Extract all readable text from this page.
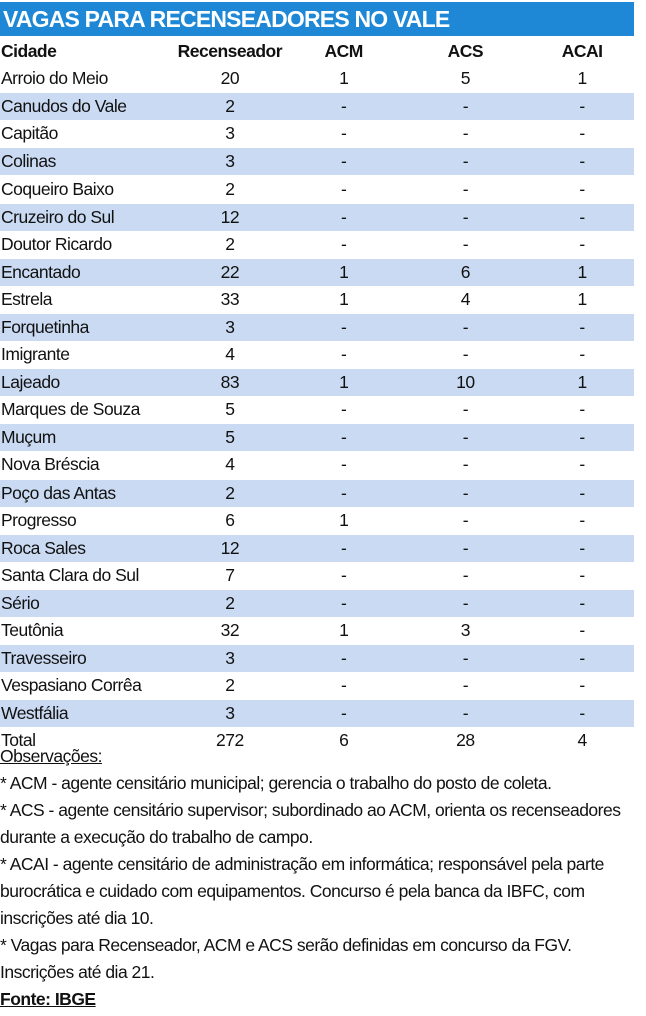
VAGAS PARA RECENSEADORES NO VALE
Cidade	Recenseador	ACM	ACS	ACAI
Arroio do Meio	20	1	5	1
Canudos do Vale	2	-	-	-
Capitão	3	-	-	-
Colinas	3	-	-	-
Coqueiro Baixo	2	-	-	-
Cruzeiro do Sul	12	-	-	-
Doutor Ricardo	2	-	-	-
Encantado	22	1	6	1
Estrela	33	1	4	1
Forquetinha	3	-	-	-
Imigrante	4	-	-	-
Lajeado	83	1	10	1
Marques de Souza	5	-	-	-
Muçum	5	-	-	-
Nova Bréscia	4	-	-	-
Poço das Antas	2	-	-	-
Progresso	6	1	-	-
Roca Sales	12	-	-	-
Santa Clara do Sul	7	-	-	-
Sério	2	-	-	-
Teutônia	32	1	3	-
Travesseiro	3	-	-	-
Vespasiano Corrêa	2	-	-	-
Westfália	3	-	-	-
Total	272	6	28	4

Observações:

* ACM - agente censitário municipal; gerencia o trabalho do posto de coleta.

* ACS - agente censitário supervisor; subordinado ao ACM, orienta os recenseadores durante a execução do trabalho de campo.

* ACAI - agente censitário de administração em informática; responsável pela parte burocrática e cuidado com equipamentos. Concurso é pela banca da IBFC, com inscrições até dia 10.

* Vagas para Recenseador, ACM e ACS serão definidas em concurso da FGV. Inscrições até dia 21.

Fonte: IBGE
